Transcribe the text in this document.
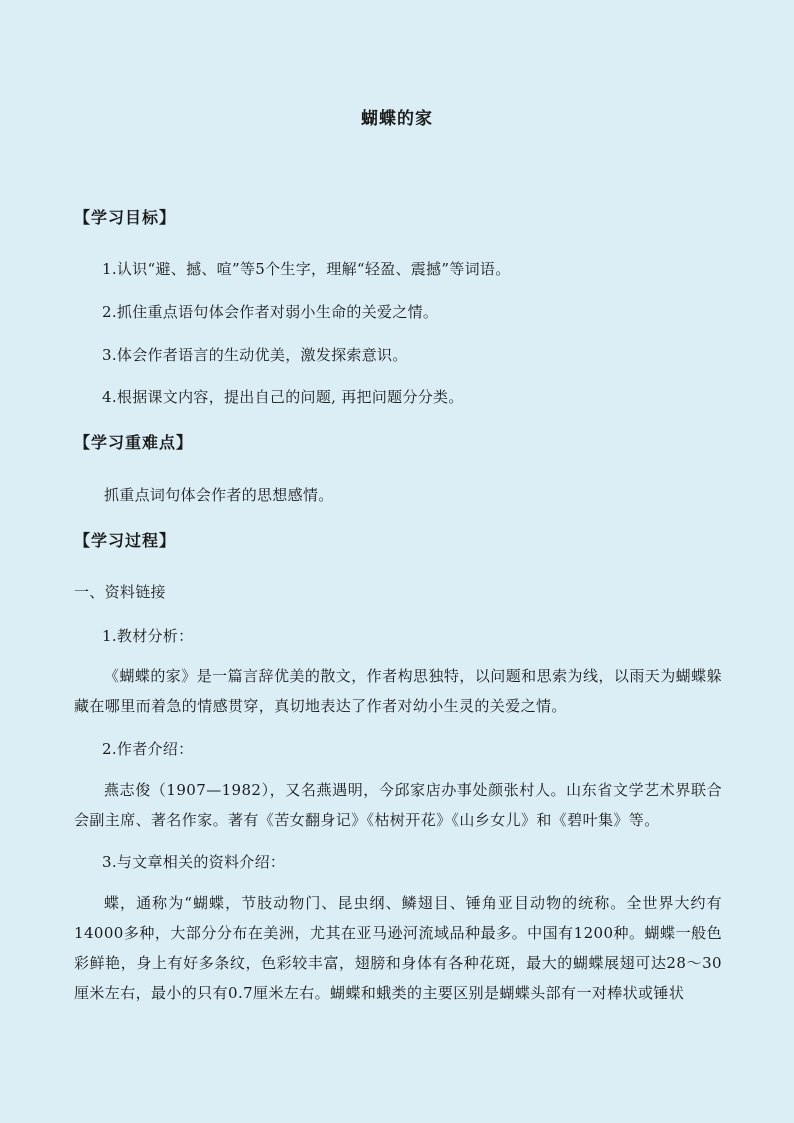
蝴蝶的家
【学习目标】
1.认识“避、撼、喧”等5个生字，理解“轻盈、震撼”等词语。
2.抓住重点语句体会作者对弱小生命的关爱之情。
3.体会作者语言的生动优美，激发探索意识。
4.根据课文内容，提出自己的问题, 再把问题分分类。
【学习重难点】
抓重点词句体会作者的思想感情。
【学习过程】
一、资料链接
1.教材分析：
《蝴蝶的家》是一篇言辞优美的散文，作者构思独特，以问题和思索为线，以雨天为蝴蝶躲藏在哪里而着急的情感贯穿，真切地表达了作者对幼小生灵的关爱之情。
2.作者介绍：
燕志俊（1907—1982），又名燕遇明，今邱家店办事处颜张村人。山东省文学艺术界联合会副主席、著名作家。著有《苦女翻身记》《枯树开花》《山乡女儿》和《碧叶集》等。
3.与文章相关的资料介绍：
蝶，通称为“蝴蝶，节肢动物门、昆虫纲、鳞翅目、锤角亚目动物的统称。全世界大约有14000多种，大部分分布在美洲，尤其在亚马逊河流域品种最多。中国有1200种。蝴蝶一般色彩鲜艳，身上有好多条纹，色彩较丰富，翅膀和身体有各种花斑，最大的蝴蝶展翅可达28～30厘米左右，最小的只有0.7厘米左右。蝴蝶和蛾类的主要区别是蝴蝶头部有一对棒状或锤状
